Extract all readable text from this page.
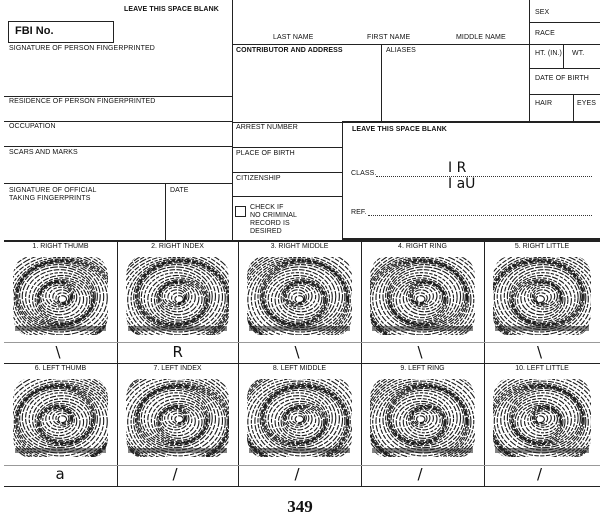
LEAVE THIS SPACE BLANK
FBI No.
SIGNATURE OF PERSON FINGERPRINTED
RESIDENCE OF PERSON FINGERPRINTED
OCCUPATION
SCARS AND MARKS
SIGNATURE OF OFFICIAL
TAKING FINGERPRINTS
DATE
LAST NAME	FIRST NAME	MIDDLE NAME
CONTRIBUTOR AND ADDRESS	ALIASES
ARREST NUMBER
PLACE OF BIRTH
CITIZENSHIP
CHECK IF
NO CRIMINAL
RECORD IS
DESIRED
SEX
RACE
HT. (IN.) WT.
DATE OF BIRTH
HAIR	EYES
LEAVE THIS SPACE BLANK
CLASS.	I R
I aU
REF.
1. RIGHT THUMB
\
2. RIGHT INDEX
R
3. RIGHT MIDDLE
\
4. RIGHT RING
\
5. RIGHT LITTLE
\
6. LEFT THUMB
a
7. LEFT INDEX
/
8. LEFT MIDDLE
/
9. LEFT RING
/
10. LEFT LITTLE
/
349
